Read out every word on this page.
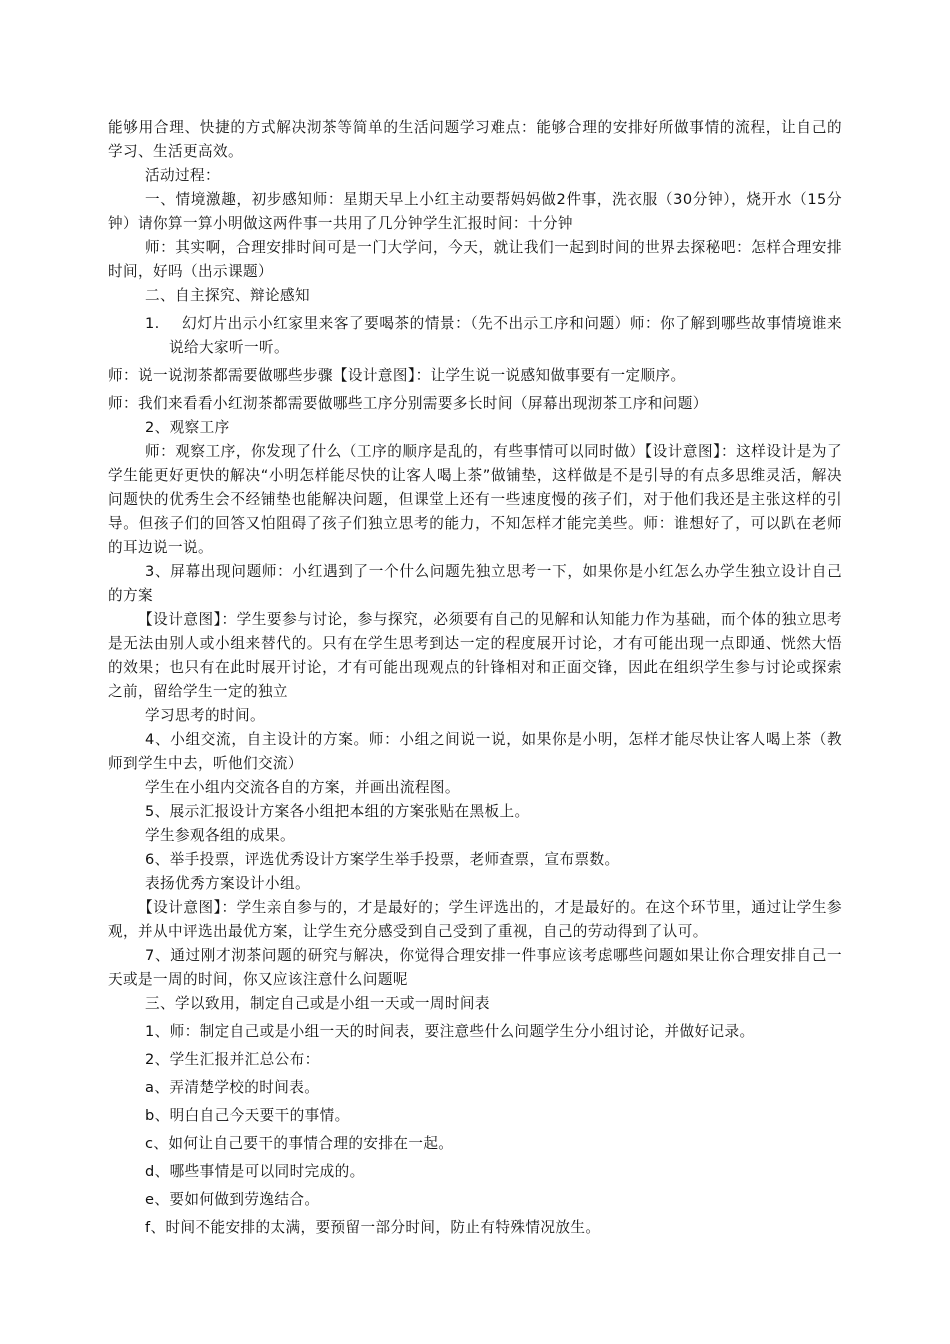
能够用合理、快捷的方式解决沏茶等简单的生活问题学习难点：能够合理的安排好所做事情的流程，让自己的学习、生活更高效。

活动过程：

一、情境激趣，初步感知师：星期天早上小红主动要帮妈妈做2件事，洗衣服（30分钟），烧开水（15分钟）请你算一算小明做这两件事一共用了几分钟学生汇报时间：十分钟

师：其实啊，合理安排时间可是一门大学问，今天，就让我们一起到时间的世界去探秘吧：怎样合理安排时间，好吗（出示课题）

二、自主探究、辩论感知

1. 幻灯片出示小红家里来客了要喝茶的情景：（先不出示工序和问题）师：你了解到哪些故事情境谁来说给大家听一听。

师：说一说沏茶都需要做哪些步骤【设计意图】：让学生说一说感知做事要有一定顺序。

师：我们来看看小红沏茶都需要做哪些工序分别需要多长时间（屏幕出现沏茶工序和问题）

2、观察工序

师：观察工序，你发现了什么（工序的顺序是乱的，有些事情可以同时做）【设计意图】：这样设计是为了学生能更好更快的解决“小明怎样能尽快的让客人喝上茶”做铺垫，这样做是不是引导的有点多思维灵活，解决问题快的优秀生会不经铺垫也能解决问题，但课堂上还有一些速度慢的孩子们，对于他们我还是主张这样的引导。但孩子们的回答又怕阻碍了孩子们独立思考的能力，不知怎样才能完美些。师：谁想好了，可以趴在老师的耳边说一说。

3、屏幕出现问题师：小红遇到了一个什么问题先独立思考一下，如果你是小红怎么办学生独立设计自己的方案

【设计意图】：学生要参与讨论，参与探究，必须要有自己的见解和认知能力作为基础，而个体的独立思考是无法由别人或小组来替代的。只有在学生思考到达一定的程度展开讨论，才有可能出现一点即通、恍然大悟的效果；也只有在此时展开讨论，才有可能出现观点的针锋相对和正面交锋，因此在组织学生参与讨论或探索之前，留给学生一定的独立

学习思考的时间。

4、小组交流，自主设计的方案。师：小组之间说一说，如果你是小明，怎样才能尽快让客人喝上茶（教师到学生中去，听他们交流）

学生在小组内交流各自的方案，并画出流程图。

5、展示汇报设计方案各小组把本组的方案张贴在黑板上。

学生参观各组的成果。

6、举手投票，评选优秀设计方案学生举手投票，老师查票，宣布票数。

表扬优秀方案设计小组。

【设计意图】：学生亲自参与的，才是最好的；学生评选出的，才是最好的。在这个环节里，通过让学生参观，并从中评选出最优方案，让学生充分感受到自己受到了重视，自己的劳动得到了认可。

7、通过刚才沏茶问题的研究与解决，你觉得合理安排一件事应该考虑哪些问题如果让你合理安排自己一天或是一周的时间，你又应该注意什么问题呢

三、学以致用，制定自己或是小组一天或一周时间表

1、师：制定自己或是小组一天的时间表，要注意些什么问题学生分小组讨论，并做好记录。

2、学生汇报并汇总公布：

a、弄清楚学校的时间表。

b、明白自己今天要干的事情。

c、如何让自己要干的事情合理的安排在一起。

d、哪些事情是可以同时完成的。

e、要如何做到劳逸结合。

f、时间不能安排的太满，要预留一部分时间，防止有特殊情况放生。
